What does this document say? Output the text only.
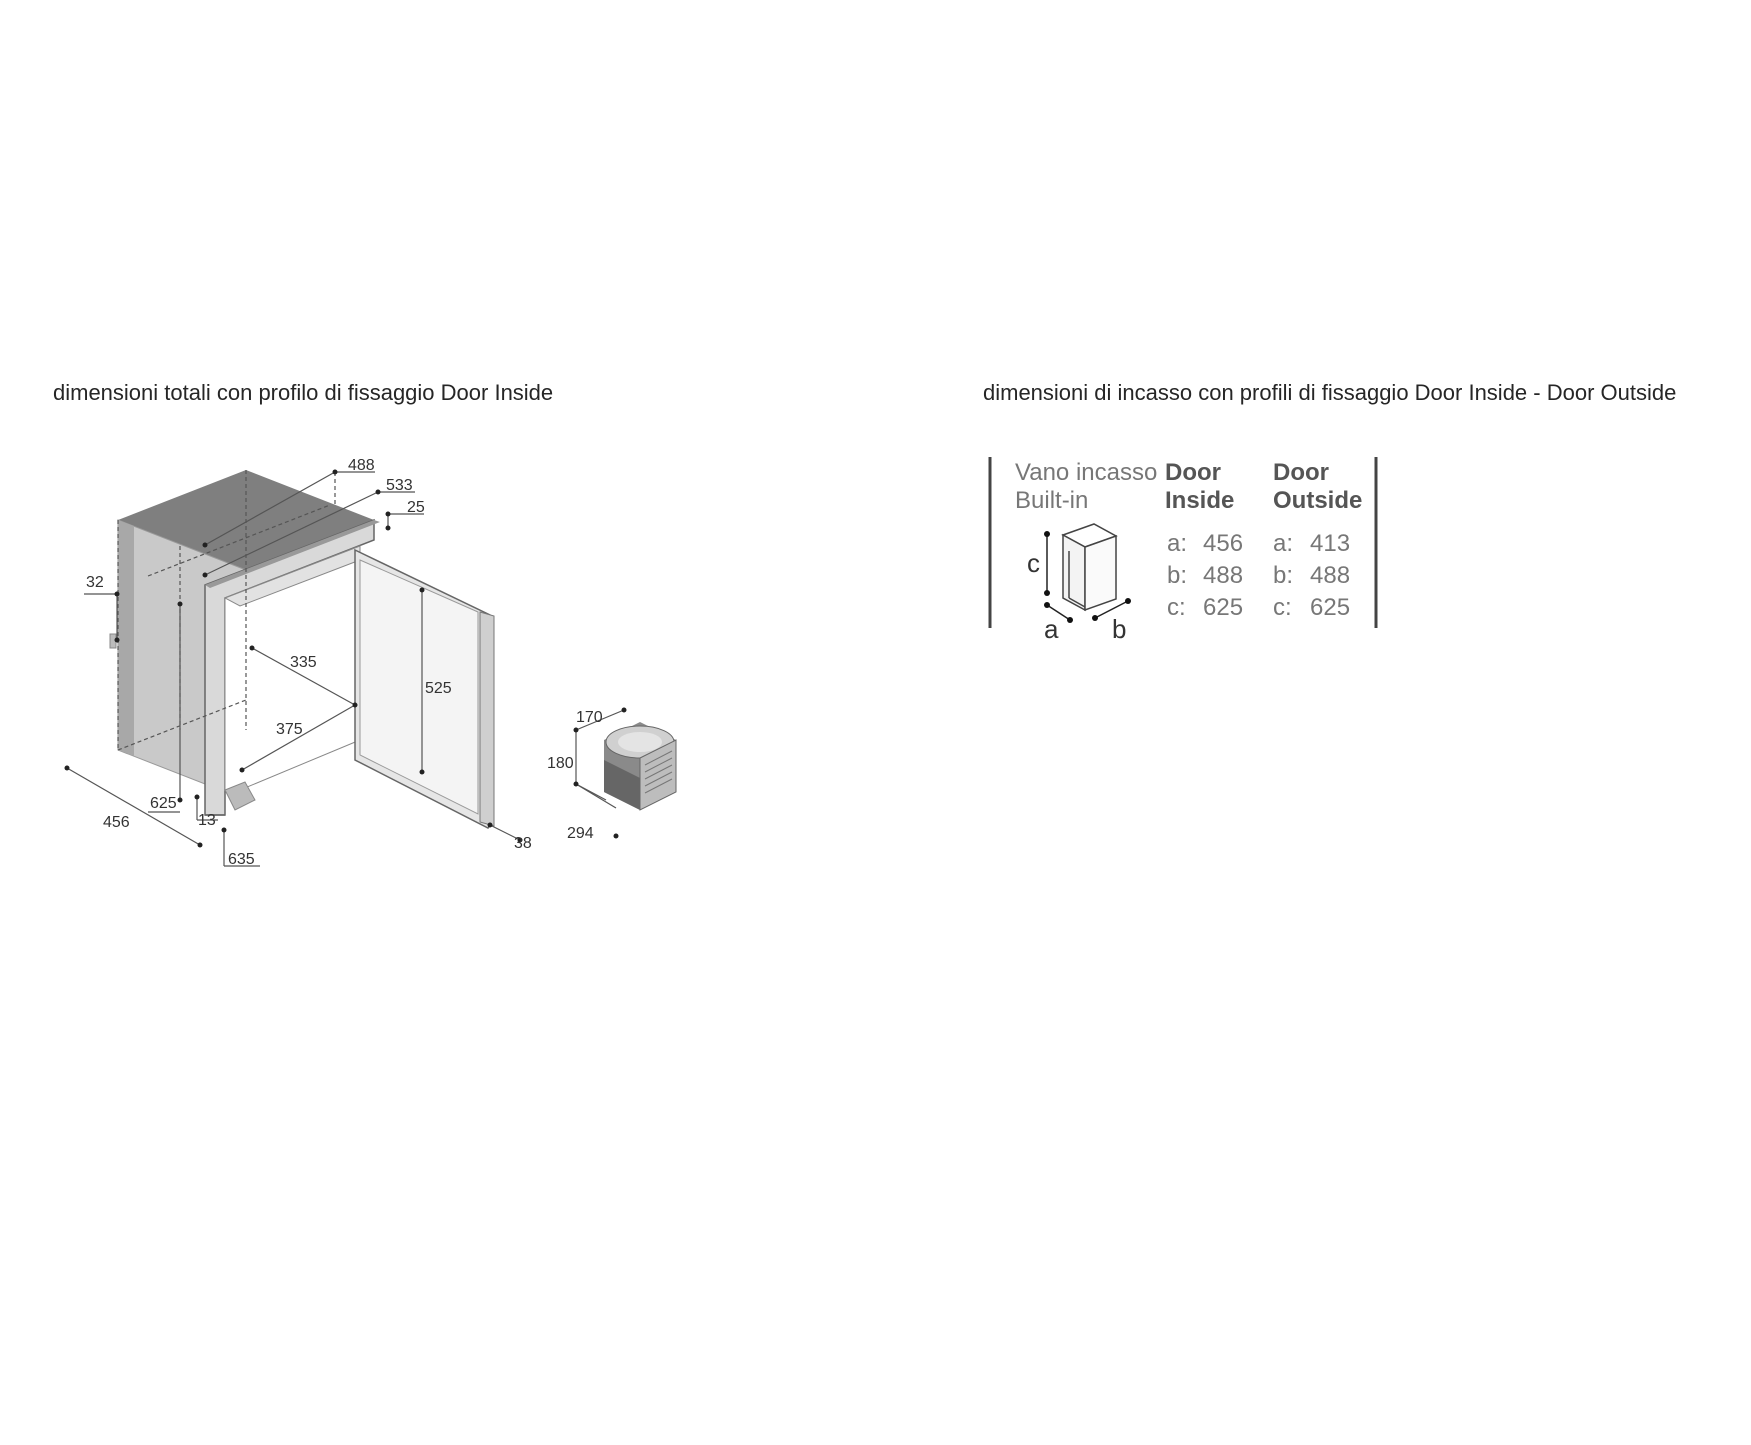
dimensioni totali con profilo di fissaggio Door Inside	dimensioni di incasso con profili di fissaggio Door Inside - Door Outside
488
533
25
32
335
525
375
625
13
456
635
38
170
180
294
Vano incasso
Built-in
Door
Inside
Door
Outside
a: 456 a: 413
b: 488 b: 488
c: 625 c: 625
c
a b
